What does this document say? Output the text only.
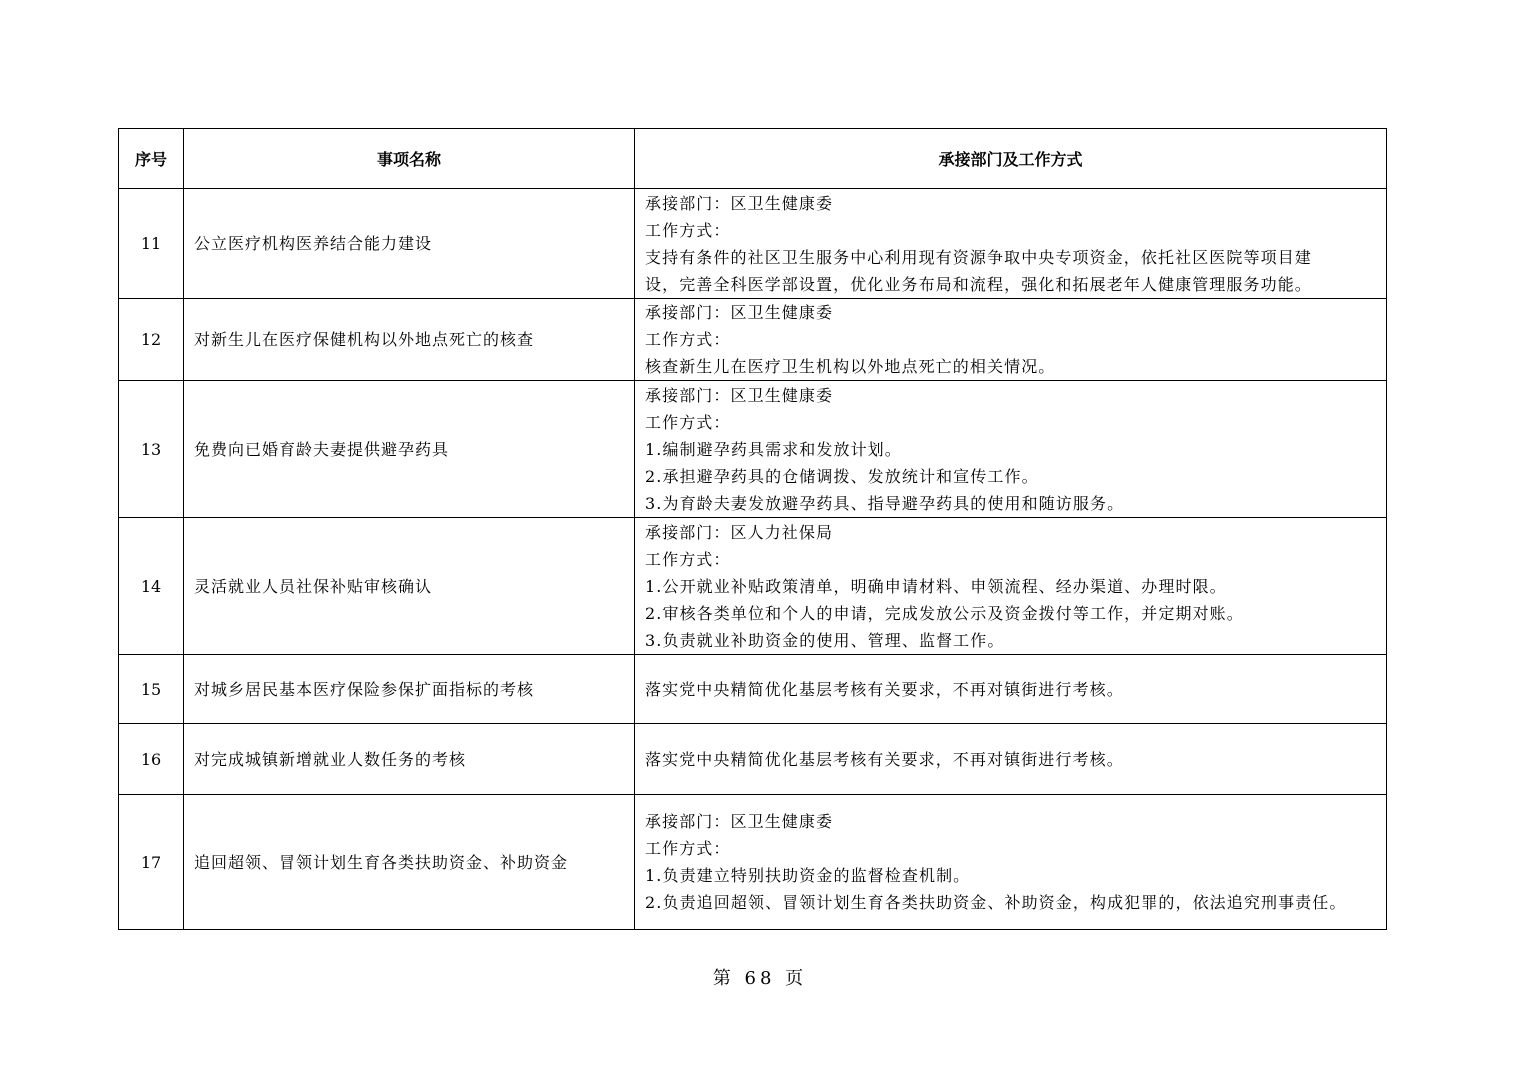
序号	事项名称	承接部门及工作方式
11	公立医疗机构医养结合能力建设	承接部门：区卫生健康委
工作方式：
支持有条件的社区卫生服务中心利用现有资源争取中央专项资金，依托社区医院等项目建
设，完善全科医学部设置，优化业务布局和流程，强化和拓展老年人健康管理服务功能。

12	对新生儿在医疗保健机构以外地点死亡的核查	承接部门：区卫生健康委
工作方式：
核查新生儿在医疗卫生机构以外地点死亡的相关情况。

13	免费向已婚育龄夫妻提供避孕药具	承接部门：区卫生健康委
工作方式：
1.编制避孕药具需求和发放计划。
2.承担避孕药具的仓储调拨、发放统计和宣传工作。
3.为育龄夫妻发放避孕药具、指导避孕药具的使用和随访服务。

14	灵活就业人员社保补贴审核确认	承接部门：区人力社保局
工作方式：
1.公开就业补贴政策清单，明确申请材料、申领流程、经办渠道、办理时限。
2.审核各类单位和个人的申请，完成发放公示及资金拨付等工作，并定期对账。
3.负责就业补助资金的使用、管理、监督工作。

15	对城乡居民基本医疗保险参保扩面指标的考核	落实党中央精简优化基层考核有关要求，不再对镇街进行考核。

16	对完成城镇新增就业人数任务的考核	落实党中央精简优化基层考核有关要求，不再对镇街进行考核。

17	追回超领、冒领计划生育各类扶助资金、补助资金	承接部门：区卫生健康委
工作方式：
1.负责建立特别扶助资金的监督检查机制。
2.负责追回超领、冒领计划生育各类扶助资金、补助资金，构成犯罪的，依法追究刑事责任。
第 68 页
